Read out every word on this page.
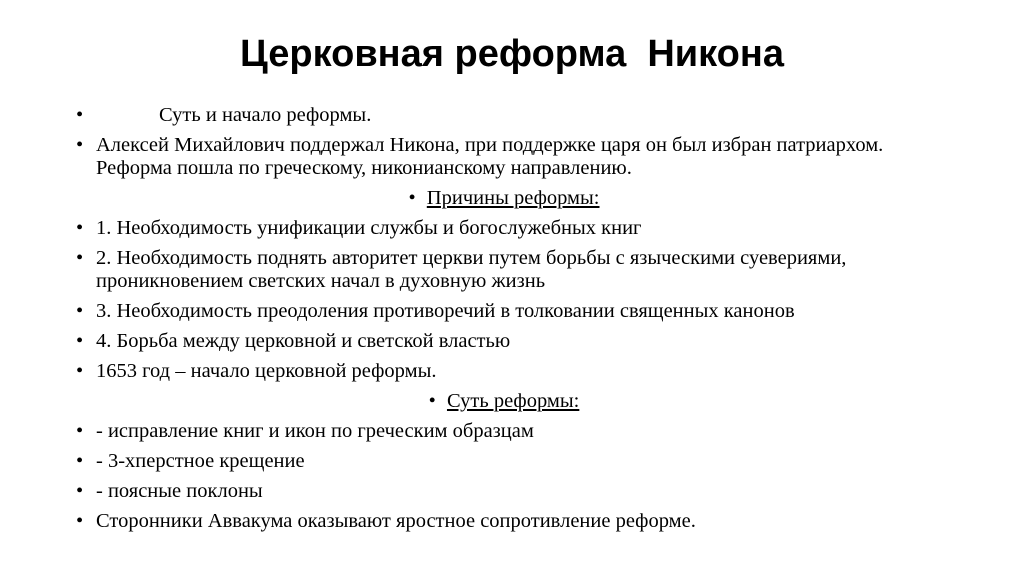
Церковная реформа  Никона
•	Суть и начало реформы.
• Алексей Михайлович поддержал Никона, при поддержке царя он был избран патриархом. Реформа пошла по греческому, никонианскому направлению.
• Причины реформы:
• 1. Необходимость унификации службы и богослужебных книг
• 2. Необходимость поднять авторитет церкви путем борьбы с языческими суевериями, проникновением светских начал в духовную жизнь
• 3. Необходимость преодоления противоречий в толковании священных канонов
• 4. Борьба между церковной и светской властью
• 1653 год – начало церковной реформы.
• Суть реформы:
• - исправление книг и икон по греческим образцам
• - 3-хперстное крещение
• - поясные поклоны
• Сторонники Аввакума оказывают яростное сопротивление реформе.
